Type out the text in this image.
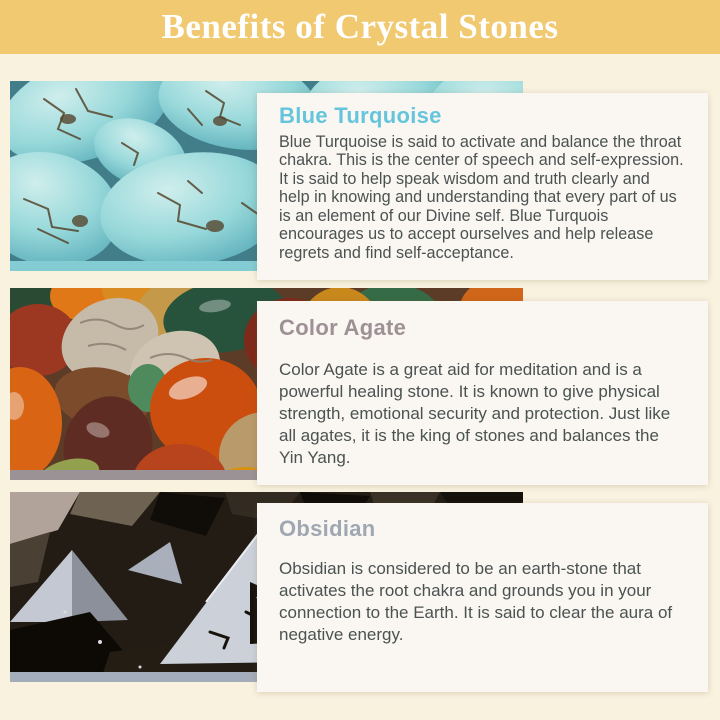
Benefits of Crystal Stones
Blue Turquoise

Blue Turquoise is said to activate and balance the throat chakra. This is the center of speech and self-expression. It is said to help speak wisdom and truth clearly and help in knowing and understanding that every part of us is an element of our Divine self. Blue Turquois encourages us to accept ourselves and help release regrets and find self-acceptance.

Color Agate

Color Agate is a great aid for meditation and is a powerful healing stone. It is known to give physical strength, emotional security and protection. Just like all agates, it is the king of stones and balances the Yin Yang.

Obsidian

Obsidian is considered to be an earth-stone that activates the root chakra and grounds you in your connection to the Earth. It is said to clear the aura of negative energy.
